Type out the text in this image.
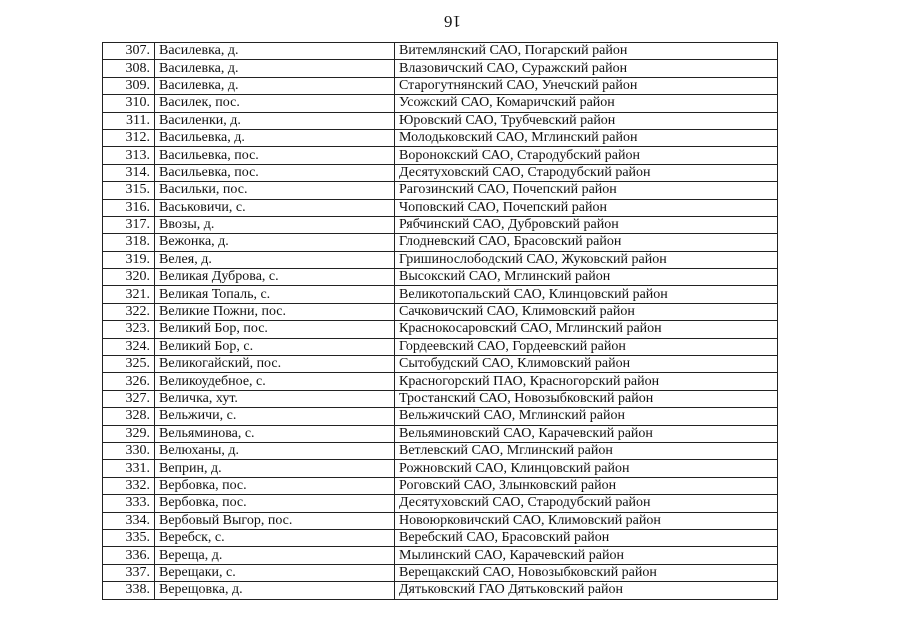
16
307.	Василевка, д.	Витемлянский САО, Погарский район
308.	Василевка, д.	Влазовичский САО, Суражский район
309.	Василевка, д.	Старогутнянский САО, Унечский район
310.	Василек, пос.	Усожский САО, Комаричский район
311.	Василенки, д.	Юровский САО, Трубчевский район
312.	Васильевка, д.	Молодьковский САО, Мглинский район
313.	Васильевка, пос.	Воронокский САО, Стародубский район
314.	Васильевка, пос.	Десятуховский САО, Стародубский район
315.	Васильки, пос.	Рагозинский САО, Почепский район
316.	Васьковичи, с.	Чоповский САО, Почепский район
317.	Ввозы, д.	Рябчинский САО, Дубровский район
318.	Вежонка, д.	Глодневский САО, Брасовский район
319.	Велея, д.	Гришинослободский САО, Жуковский район
320.	Великая Дуброва, с.	Высокский САО, Мглинский район
321.	Великая Топаль, с.	Великотопальский САО, Клинцовский район
322.	Великие Пожни, пос.	Сачковичский САО, Климовский район
323.	Великий Бор, пос.	Краснокосаровский САО, Мглинский район
324.	Великий Бор, с.	Гордеевский САО, Гордеевский район
325.	Великогайский, пос.	Сытобудский САО, Климовский район
326.	Великоудебное, с.	Красногорский ПАО, Красногорский район
327.	Величка, хут.	Тростанский САО, Новозыбковский район
328.	Вельжичи, с.	Вельжичский САО, Мглинский район
329.	Вельяминова, с.	Вельяминовский САО, Карачевский район
330.	Велюханы, д.	Ветлевский САО, Мглинский район
331.	Веприн, д.	Рожновский САО, Клинцовский район
332.	Вербовка, пос.	Роговский САО, Злынковский район
333.	Вербовка, пос.	Десятуховский САО, Стародубский район
334.	Вербовый Выгор, пос.	Новоюрковичский САО, Климовский район
335.	Веребск, с.	Веребский САО, Брасовский район
336.	Вереща, д.	Мылинский САО, Карачевский район
337.	Верещаки, с.	Верещакский САО, Новозыбковский район
338.	Верещовка, д.	Дятьковский ГАО Дятьковский район
